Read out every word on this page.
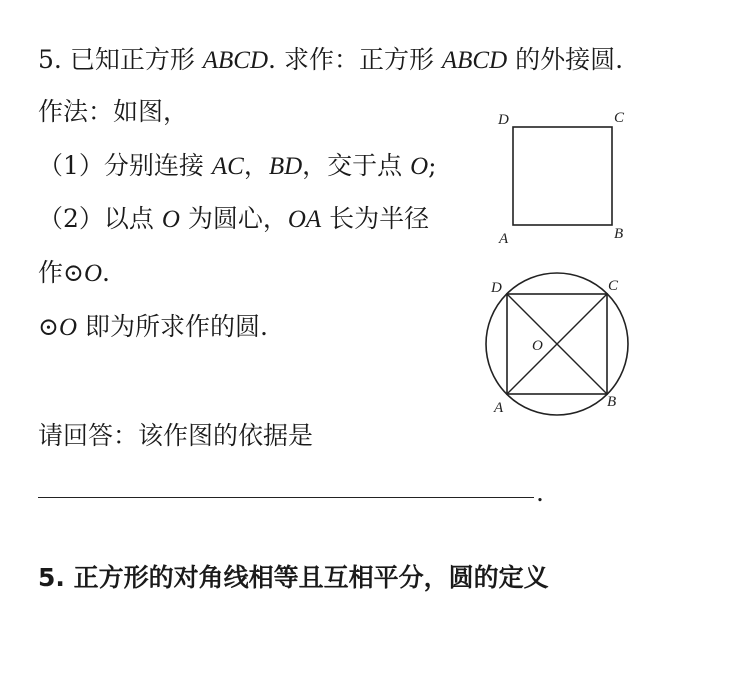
5. 已知正方形 ABCD. 求作：正方形 ABCD 的外接圆.
作法：如图，
（1）分别连接 AC，BD，交于点 O;
（2）以点 O 为圆心，OA 长为半径
作⊙O.
⊙O 即为所求作的圆.
请回答：该作图的依据是
.
5. 正方形的对角线相等且互相平分，圆的定义
D	C
A	B
D	C
A	B
O
